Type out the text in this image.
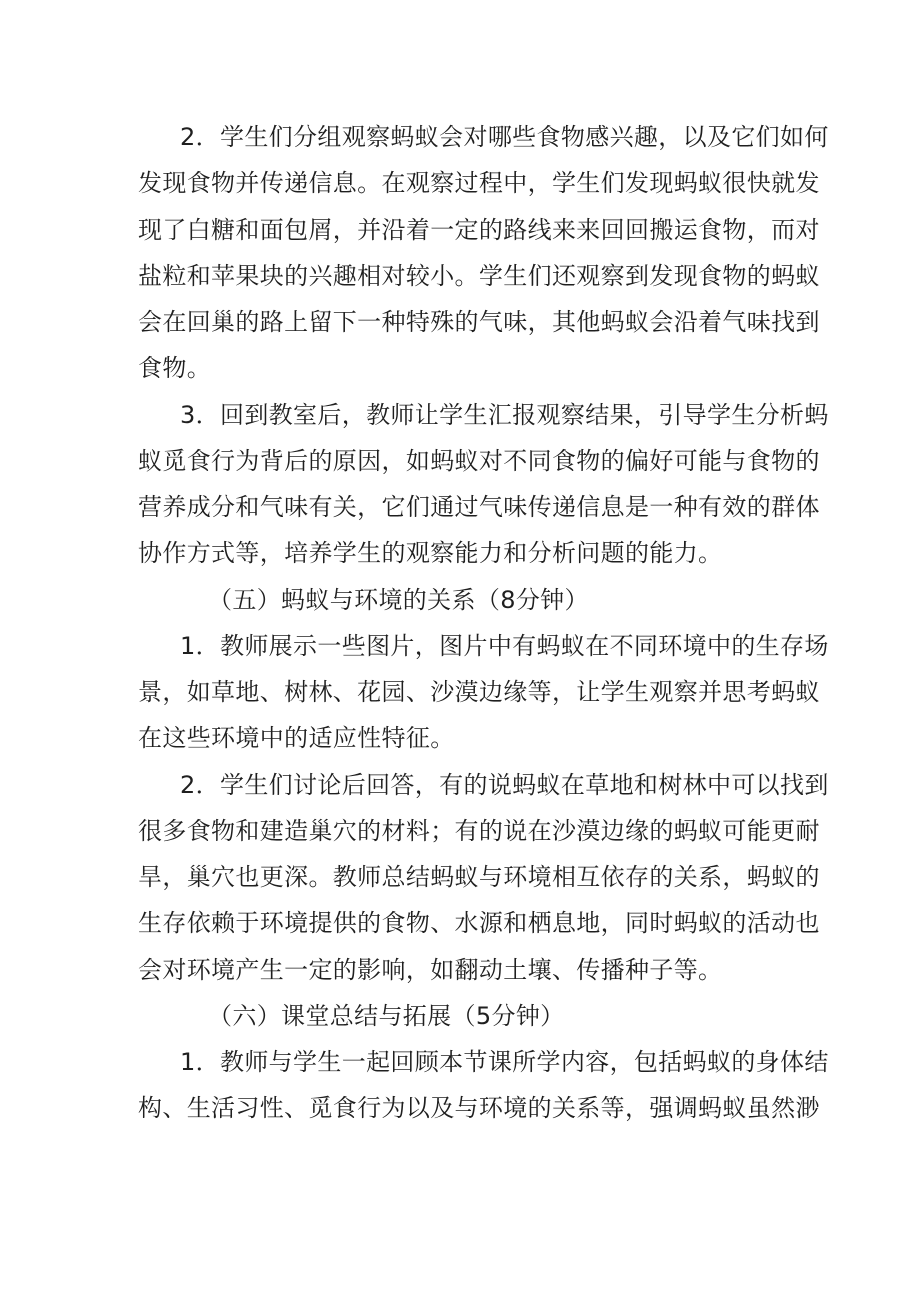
2．学生们分组观察蚂蚁会对哪些食物感兴趣，以及它们如何

发现食物并传递信息。在观察过程中，学生们发现蚂蚁很快就发

现了白糖和面包屑，并沿着一定的路线来来回回搬运食物，而对

盐粒和苹果块的兴趣相对较小。学生们还观察到发现食物的蚂蚁

会在回巢的路上留下一种特殊的气味，其他蚂蚁会沿着气味找到

食物。

3．回到教室后，教师让学生汇报观察结果，引导学生分析蚂

蚁觅食行为背后的原因，如蚂蚁对不同食物的偏好可能与食物的

营养成分和气味有关，它们通过气味传递信息是一种有效的群体

协作方式等，培养学生的观察能力和分析问题的能力。

（五）蚂蚁与环境的关系（8分钟）

1．教师展示一些图片，图片中有蚂蚁在不同环境中的生存场

景，如草地、树林、花园、沙漠边缘等，让学生观察并思考蚂蚁

在这些环境中的适应性特征。

2．学生们讨论后回答，有的说蚂蚁在草地和树林中可以找到

很多食物和建造巢穴的材料；有的说在沙漠边缘的蚂蚁可能更耐

旱，巢穴也更深。教师总结蚂蚁与环境相互依存的关系，蚂蚁的

生存依赖于环境提供的食物、水源和栖息地，同时蚂蚁的活动也

会对环境产生一定的影响，如翻动土壤、传播种子等。

（六）课堂总结与拓展（5分钟）

1．教师与学生一起回顾本节课所学内容，包括蚂蚁的身体结

构、生活习性、觅食行为以及与环境的关系等，强调蚂蚁虽然渺
